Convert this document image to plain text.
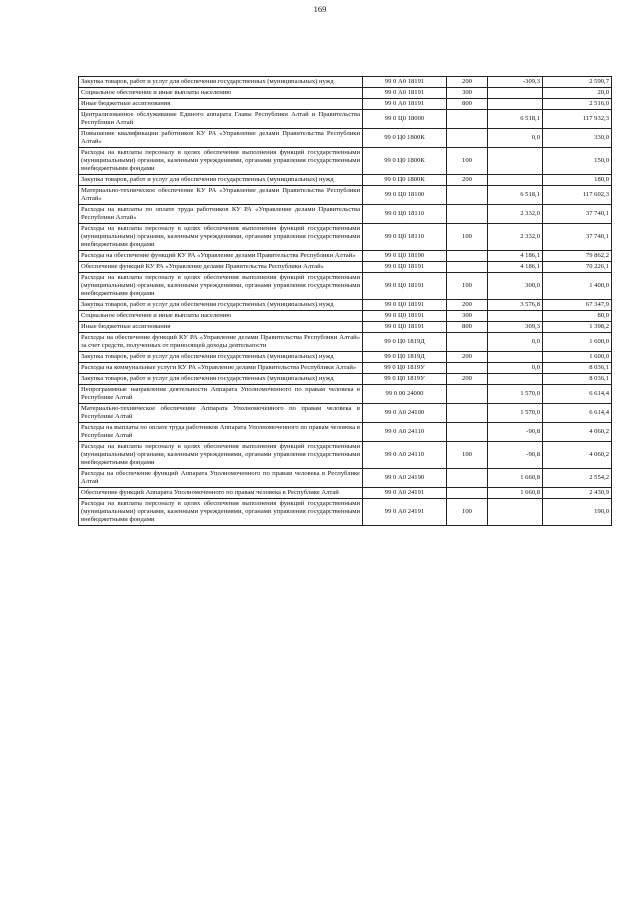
169
Закупка товаров, работ и услуг для обеспечения государственных (муниципальных) нужд	99 0 А0 18191	200	-309,3	2 590,7
Социальное обеспечение и иные выплаты населению	99 0 А0 18191	300		20,0
Иные бюджетные ассигнования	99 0 А0 18191	800		2 516,0
Централизованное обслуживание Единого аппарата Главы Республики Алтай и Правительства Республики Алтай	99 0 Ц0 18000		6 518,1	117 932,3
Повышение квалификации работников КУ РА «Управление делами Правительства Республики Алтай»	99 0 Ц0 1800К		0,0	330,0
Расходы на выплаты персоналу в целях обеспечения выполнения функций государственными (муниципальными) органами, казенными учреждениями, органами управления государственными внебюджетными фондами	99 0 Ц0 1800К	100		150,0
Закупка товаров, работ и услуг для обеспечения государственных (муниципальных) нужд	99 0 Ц0 1800К	200		180,0
Материально-техническое обеспечение КУ РА «Управление делами Правительства Республики Алтай»	99 0 Ц0 18100		6 518,1	117 602,3
Расходы на выплаты по оплате труда работников КУ РА «Управление делами Правительства Республики Алтай»	99 0 Ц0 18110		2 332,0	37 740,1
Расходы на выплаты персоналу в целях обеспечения выполнения функций государственными (муниципальными) органами, казенными учреждениями, органами управления государственными внебюджетными фондами	99 0 Ц0 18110	100	2 332,0	37 740,1
Расходы на обеспечение функций КУ РА «Управление делами Правительства Республики Алтай»	99 0 Ц0 18190		4 186,1	79 862,2
Обеспечение функций КУ РА «Управление делами Правительства Республики Алтай»	99 0 Ц0 18191		4 186,1	70 226,1
Расходы на выплаты персоналу в целях обеспечения выполнения функций государственными (муниципальными) органами, казенными учреждениями, органами управления государственными внебюджетными фондами	99 0 Ц0 18191	100	300,0	1 400,0
Закупка товаров, работ и услуг для обеспечения государственных (муниципальных) нужд	99 0 Ц0 18191	200	3 576,8	67 347,9
Социальное обеспечение и иные выплаты населению	99 0 Ц0 18191	300		80,0
Иные бюджетные ассигнования	99 0 Ц0 18191	800	309,3	1 398,2
Расходы на обеспечение функций КУ РА «Управление делами Правительства Республики Алтай» за счет средств, полученных от приносящей доходы деятельности	99 0 Ц0 1819Д		0,0	1 600,0
Закупка товаров, работ и услуг для обеспечения государственных (муниципальных) нужд	99 0 Ц0 1819Д	200		1 600,0
Расходы на коммунальные услуги КУ РА «Управление делами Правительства Республики Алтай»	99 0 Ц0 1819У		0,0	8 036,1
Закупка товаров, работ и услуг для обеспечения государственных (муниципальных) нужд	99 0 Ц0 1819У	200		8 036,1
Непрограммные направления деятельности Аппарата Уполномоченного по правам человека в Республике Алтай	99 0 00 24000		1 570,0	6 614,4
Материально-техническое обеспечение Аппарата Уполномоченного по правам человека в Республике Алтай	99 0 А0 24100		1 570,0	6 614,4
Расходы на выплаты по оплате труда работников Аппарата Уполномоченного по правам человека в Республике Алтай	99 0 А0 24110		-90,8	4 060,2
Расходы на выплаты персоналу в целях обеспечения выполнения функций государственными (муниципальными) органами, казенными учреждениями, органами управления государственными внебюджетными фондами	99 0 А0 24110	100	-90,8	4 060,2
Расходы на обеспечение функций Аппарата Уполномоченного по правам человека в Республике Алтай	99 0 А0 24190		1 660,8	2 554,2
Обеспечение функций Аппарата Уполномоченного по правам человека в Республике Алтай	99 0 А0 24191		1 660,8	2 430,9
Расходы на выплаты персоналу в целях обеспечения выполнения функций государственными (муниципальными) органами, казенными учреждениями, органами управления государственными внебюджетными фондами	99 0 А0 24191	100		190,0
